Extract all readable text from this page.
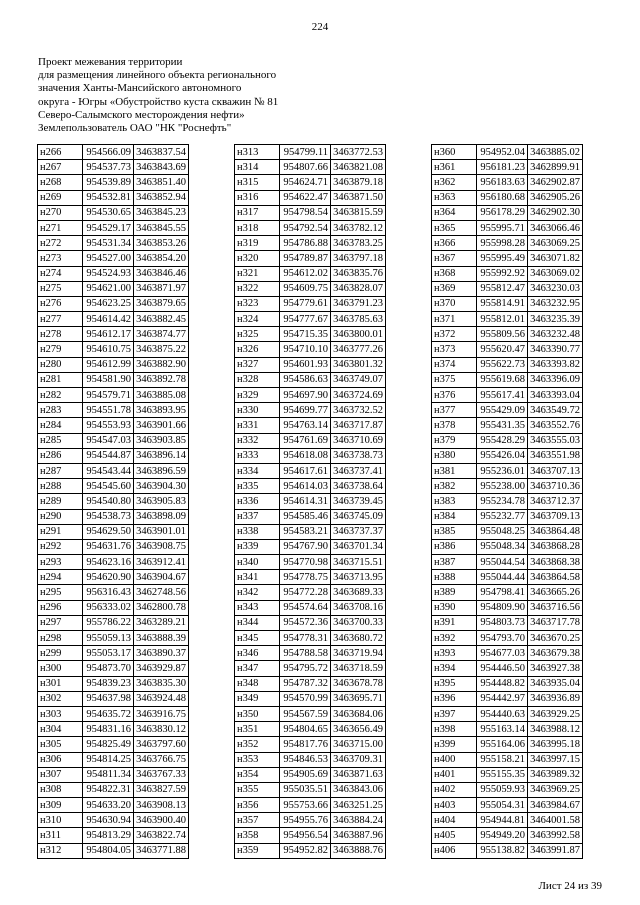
224
Проект межевания территории
для размещения линейного объекта регионального
значения Ханты-Мансийского автономного
округа - Югры «Обустройство куста скважин № 81
Северо-Салымского месторождения нефти»
Землепользователь ОАО "НК "Роснефть"
н266	954566.09	3463837.54
н267	954537.73	3463843.69
н268	954539.89	3463851.40
н269	954532.81	3463852.94
н270	954530.65	3463845.23
н271	954529.17	3463845.55
н272	954531.34	3463853.26
н273	954527.00	3463854.20
н274	954524.93	3463846.46
н275	954621.00	3463871.97
н276	954623.25	3463879.65
н277	954614.42	3463882.45
н278	954612.17	3463874.77
н279	954610.75	3463875.22
н280	954612.99	3463882.90
н281	954581.90	3463892.78
н282	954579.71	3463885.08
н283	954551.78	3463893.95
н284	954553.93	3463901.66
н285	954547.03	3463903.85
н286	954544.87	3463896.14
н287	954543.44	3463896.59
н288	954545.60	3463904.30
н289	954540.80	3463905.83
н290	954538.73	3463898.09
н291	954629.50	3463901.01
н292	954631.76	3463908.75
н293	954623.16	3463912.41
н294	954620.90	3463904.67
н295	956316.43	3462748.56
н296	956333.02	3462800.78
н297	955786.22	3463289.21
н298	955059.13	3463888.39
н299	955053.17	3463890.37
н300	954873.70	3463929.87
н301	954839.23	3463835.30
н302	954637.98	3463924.48
н303	954635.72	3463916.75
н304	954831.16	3463830.12
н305	954825.49	3463797.60
н306	954814.25	3463766.75
н307	954811.34	3463767.33
н308	954822.31	3463827.59
н309	954633.20	3463908.13
н310	954630.94	3463900.40
н311	954813.29	3463822.74
н312	954804.05	3463771.88
н313	954799.11	3463772.53
н314	954807.66	3463821.08
н315	954624.71	3463879.18
н316	954622.47	3463871.50
н317	954798.54	3463815.59
н318	954792.54	3463782.12
н319	954786.88	3463783.25
н320	954789.87	3463797.18
н321	954612.02	3463835.76
н322	954609.75	3463828.07
н323	954779.61	3463791.23
н324	954777.67	3463785.63
н325	954715.35	3463800.01
н326	954710.10	3463777.26
н327	954601.93	3463801.32
н328	954586.63	3463749.07
н329	954697.90	3463724.69
н330	954699.77	3463732.52
н331	954763.14	3463717.87
н332	954761.69	3463710.69
н333	954618.08	3463738.73
н334	954617.61	3463737.41
н335	954614.03	3463738.64
н336	954614.31	3463739.45
н337	954585.46	3463745.09
н338	954583.21	3463737.37
н339	954767.90	3463701.34
н340	954770.98	3463715.51
н341	954778.75	3463713.95
н342	954772.28	3463689.33
н343	954574.64	3463708.16
н344	954572.36	3463700.33
н345	954778.31	3463680.72
н346	954788.58	3463719.94
н347	954795.72	3463718.59
н348	954787.32	3463678.78
н349	954570.99	3463695.71
н350	954567.59	3463684.06
н351	954804.65	3463656.49
н352	954817.76	3463715.00
н353	954846.53	3463709.31
н354	954905.69	3463871.63
н355	955035.51	3463843.06
н356	955753.66	3463251.25
н357	954955.76	3463884.24
н358	954956.54	3463887.96
н359	954952.82	3463888.76
н360	954952.04	3463885.02
н361	956181.23	3462899.91
н362	956183.63	3462902.87
н363	956180.68	3462905.26
н364	956178.29	3462902.30
н365	955995.71	3463066.46
н366	955998.28	3463069.25
н367	955995.49	3463071.82
н368	955992.92	3463069.02
н369	955812.47	3463230.03
н370	955814.91	3463232.95
н371	955812.01	3463235.39
н372	955809.56	3463232.48
н373	955620.47	3463390.77
н374	955622.73	3463393.82
н375	955619.68	3463396.09
н376	955617.41	3463393.04
н377	955429.09	3463549.72
н378	955431.35	3463552.76
н379	955428.29	3463555.03
н380	955426.04	3463551.98
н381	955236.01	3463707.13
н382	955238.00	3463710.36
н383	955234.78	3463712.37
н384	955232.77	3463709.13
н385	955048.25	3463864.48
н386	955048.34	3463868.28
н387	955044.54	3463868.38
н388	955044.44	3463864.58
н389	954798.41	3463665.26
н390	954809.90	3463716.56
н391	954803.73	3463717.78
н392	954793.70	3463670.25
н393	954677.03	3463679.38
н394	954446.50	3463927.38
н395	954448.82	3463935.04
н396	954442.97	3463936.89
н397	954440.63	3463929.25
н398	955163.14	3463988.12
н399	955164.06	3463995.18
н400	955158.21	3463997.15
н401	955155.35	3463989.32
н402	955059.93	3463969.25
н403	955054.31	3463984.67
н404	954944.81	3464001.58
н405	954949.20	3463992.58
н406	955138.82	3463991.87
Лист 24 из 39
